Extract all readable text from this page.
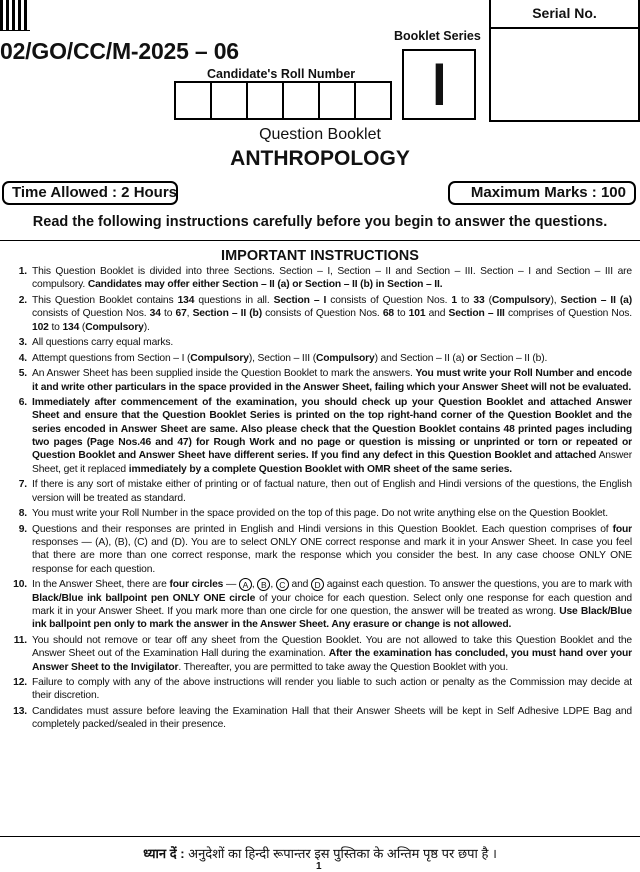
02/GO/CC/M-2025 – 06
Candidate's Roll Number
Booklet Series
I
Serial No.
Question Booklet
ANTHROPOLOGY
Time Allowed : 2 Hours	Maximum Marks : 100
Read the following instructions carefully before you begin to answer the questions.
IMPORTANT INSTRUCTIONS
1. This Question Booklet is divided into three Sections. Section – I, Section – II and Section – III. Section – I and Section – III are compulsory. Candidates may offer either Section – II (a) or Section – II (b) in Section – II.
2. This Question Booklet contains 134 questions in all. Section – I consists of Question Nos. 1 to 33 (Compulsory), Section – II (a) consists of Question Nos. 34 to 67, Section – II (b) consists of Question Nos. 68 to 101 and Section – III comprises of Question Nos. 102 to 134 (Compulsory).
3. All questions carry equal marks.
4. Attempt questions from Section – I (Compulsory), Section – III (Compulsory) and Section – II (a) or Section – II (b).
5. An Answer Sheet has been supplied inside the Question Booklet to mark the answers. You must write your Roll Number and encode it and write other particulars in the space provided in the Answer Sheet, failing which your Answer Sheet will not be evaluated.
6. Immediately after commencement of the examination, you should check up your Question Booklet and attached Answer Sheet and ensure that the Question Booklet Series is printed on the top right-hand corner of the Question Booklet and the series encoded in Answer Sheet are same. Also please check that the Question Booklet contains 48 printed pages including two pages (Page Nos.46 and 47) for Rough Work and no page or question is missing or unprinted or torn or repeated or Question Booklet and Answer Sheet have different series. If you find any defect in this Question Booklet and attached Answer Sheet, get it replaced immediately by a complete Question Booklet with OMR sheet of the same series.
7. If there is any sort of mistake either of printing or of factual nature, then out of English and Hindi versions of the questions, the English version will be treated as standard.
8. You must write your Roll Number in the space provided on the top of this page. Do not write anything else on the Question Booklet.
9. Questions and their responses are printed in English and Hindi versions in this Question Booklet. Each question comprises of four responses — (A), (B), (C) and (D). You are to select ONLY ONE correct response and mark it in your Answer Sheet. In case you feel that there are more than one correct response, mark the response which you consider the best. In any case choose ONLY ONE response for each question.
10. In the Answer Sheet, there are four circles — A , B , C and D against each question. To answer the questions, you are to mark with Black/Blue ink ballpoint pen ONLY ONE circle of your choice for each question. Select only one response for each question and mark it in your Answer Sheet. If you mark more than one circle for one question, the answer will be treated as wrong. Use Black/Blue ink ballpoint pen only to mark the answer in the Answer Sheet. Any erasure or change is not allowed.
11. You should not remove or tear off any sheet from the Question Booklet. You are not allowed to take this Question Booklet and the Answer Sheet out of the Examination Hall during the examination. After the examination has concluded, you must hand over your Answer Sheet to the Invigilator. Thereafter, you are permitted to take away the Question Booklet with you.
12. Failure to comply with any of the above instructions will render you liable to such action or penalty as the Commission may decide at their discretion.
13. Candidates must assure before leaving the Examination Hall that their Answer Sheets will be kept in Self Adhesive LDPE Bag and completely packed/sealed in their presence.
ध्यान दें : अनुदेशों का हिन्दी रूपान्तर इस पुस्तिका के अन्तिम पृष्ठ पर छपा है ।
1
